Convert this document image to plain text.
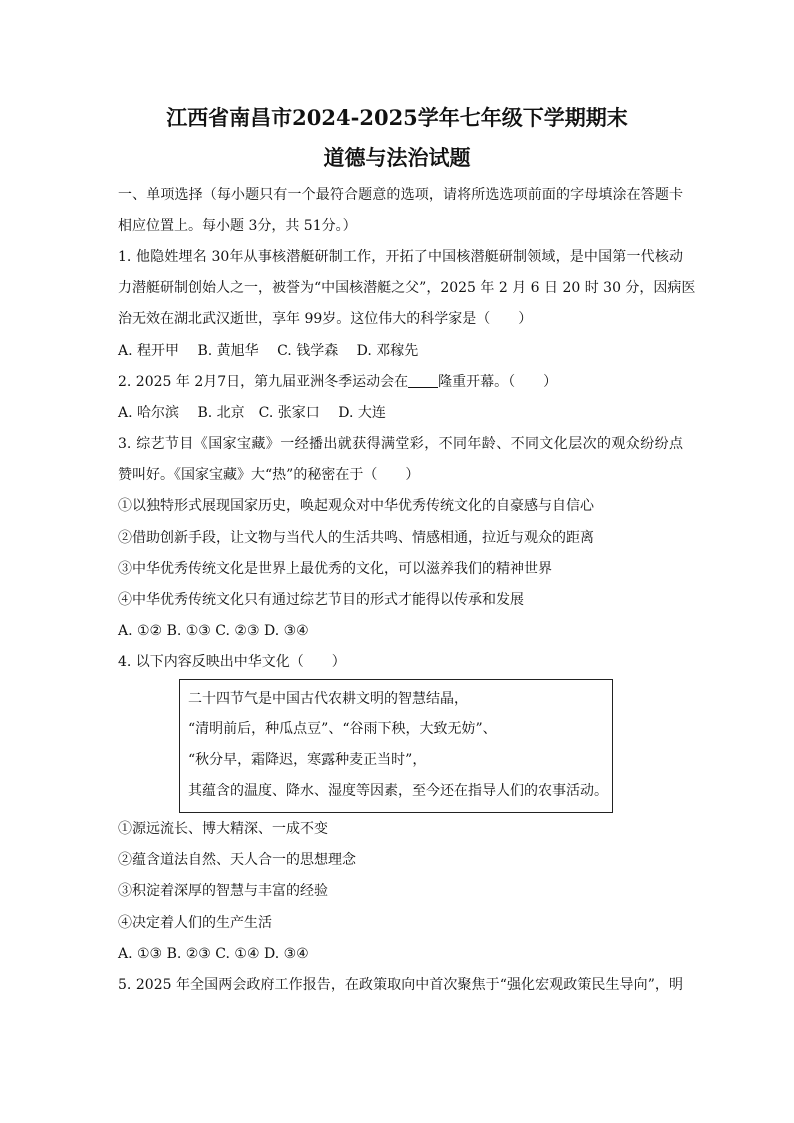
江西省南昌市2024-2025学年七年级下学期期末
道德与法治试题
一、单项选择（每小题只有一个最符合题意的选项，请将所选选项前面的字母填涂在答题卡
相应位置上。每小题 3分，共 51分。）
1. 他隐姓埋名 30年从事核潜艇研制工作，开拓了中国核潜艇研制领域，是中国第一代核动
力潜艇研制创始人之一，被誉为“中国核潜艇之父”，2025 年 2 月 6 日 20 时 30 分，因病医
治无效在湖北武汉逝世，享年 99岁。这位伟大的科学家是（　　）
A. 程开甲　 B. 黄旭华　 C. 钱学森　 D. 邓稼先
2. 2025 年 2月7日，第九届亚洲冬季运动会在 隆重开幕。（　　）
A. 哈尔滨　 B. 北京　C. 张家口　 D. 大连
3. 综艺节目《国家宝藏》一经播出就获得满堂彩，不同年龄、不同文化层次的观众纷纷点
赞叫好。《国家宝藏》大“热”的秘密在于（　　）
①以独特形式展现国家历史，唤起观众对中华优秀传统文化的自豪感与自信心
②借助创新手段，让文物与当代人的生活共鸣、情感相通，拉近与观众的距离
③中华优秀传统文化是世界上最优秀的文化，可以滋养我们的精神世界
④中华优秀传统文化只有通过综艺节目的形式才能得以传承和发展
A. ①② B. ①③ C. ②③ D. ③④
4. 以下内容反映出中华文化（　　）
二十四节气是中国古代农耕文明的智慧结晶，
“清明前后，种瓜点豆”、“谷雨下秧，大致无妨”、
“秋分早，霜降迟，寒露种麦正当时”，
其蕴含的温度、降水、湿度等因素，至今还在指导人们的农事活动。
①源远流长、博大精深、一成不变
②蕴含道法自然、天人合一的思想理念
③积淀着深厚的智慧与丰富的经验
④决定着人们的生产生活
A. ①③ B. ②③ C. ①④ D. ③④
5. 2025 年全国两会政府工作报告，在政策取向中首次聚焦于“强化宏观政策民生导向”，明
